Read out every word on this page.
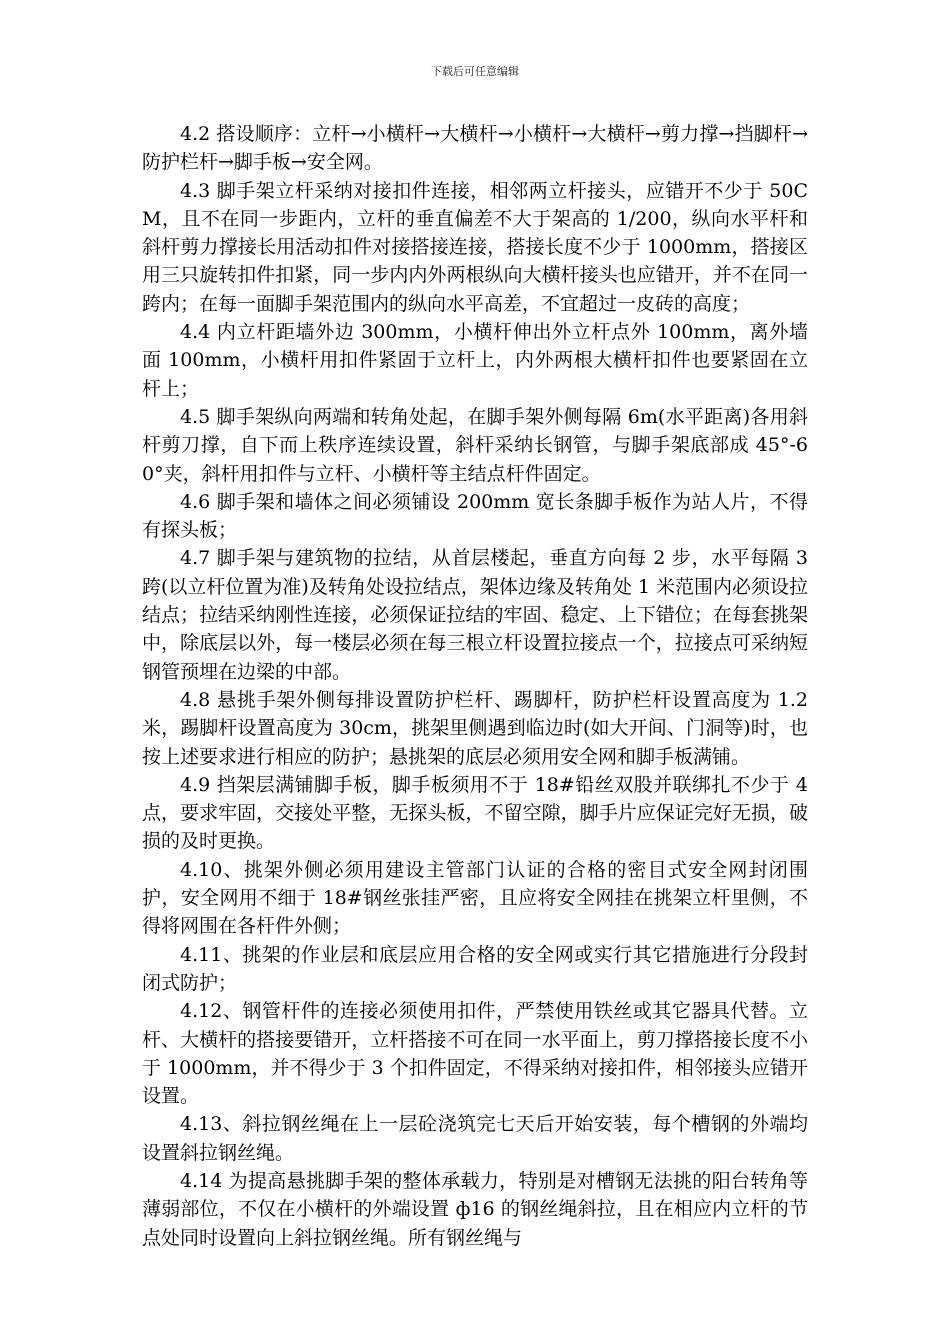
下载后可任意编辑

4.2 搭设顺序：立杆→小横杆→大横杆→小横杆→大横杆→剪力撑→挡脚杆→防护栏杆→脚手板→安全网。

4.3 脚手架立杆采纳对接扣件连接，相邻两立杆接头，应错开不少于 50CM，且不在同一步距内，立杆的垂直偏差不大于架高的 1/200，纵向水平杆和斜杆剪力撑接长用活动扣件对接搭接连接，搭接长度不少于 1000mm，搭接区用三只旋转扣件扣紧，同一步内内外两根纵向大横杆接头也应错开，并不在同一跨内；在每一面脚手架范围内的纵向水平高差，不宜超过一皮砖的高度；

4.4 内立杆距墙外边 300mm，小横杆伸出外立杆点外 100mm，离外墙面 100mm，小横杆用扣件紧固于立杆上，内外两根大横杆扣件也要紧固在立杆上；

4.5 脚手架纵向两端和转角处起，在脚手架外侧每隔 6m(水平距离)各用斜杆剪刀撑，自下而上秩序连续设置，斜杆采纳长钢管，与脚手架底部成 45°-60°夹，斜杆用扣件与立杆、小横杆等主结点杆件固定。

4.6 脚手架和墙体之间必须铺设 200mm 宽长条脚手板作为站人片，不得有探头板；

4.7 脚手架与建筑物的拉结，从首层楼起，垂直方向每 2 步，水平每隔 3 跨(以立杆位置为准)及转角处设拉结点，架体边缘及转角处 1 米范围内必须设拉结点；拉结采纳刚性连接，必须保证拉结的牢固、稳定、上下错位；在每套挑架中，除底层以外，每一楼层必须在每三根立杆设置拉接点一个，拉接点可采纳短钢管预埋在边梁的中部。

4.8 悬挑手架外侧每排设置防护栏杆、踢脚杆，防护栏杆设置高度为 1.2 米，踢脚杆设置高度为 30cm，挑架里侧遇到临边时(如大开间、门洞等)时，也按上述要求进行相应的防护；悬挑架的底层必须用安全网和脚手板满铺。

4.9 挡架层满铺脚手板，脚手板须用不于 18#铅丝双股并联绑扎不少于 4 点，要求牢固，交接处平整，无探头板，不留空隙，脚手片应保证完好无损，破损的及时更换。

4.10、挑架外侧必须用建设主管部门认证的合格的密目式安全网封闭围护，安全网用不细于 18#钢丝张挂严密，且应将安全网挂在挑架立杆里侧，不得将网围在各杆件外侧；

4.11、挑架的作业层和底层应用合格的安全网或实行其它措施进行分段封闭式防护；

4.12、钢管杆件的连接必须使用扣件，严禁使用铁丝或其它器具代替。立杆、大横杆的搭接要错开，立杆搭接不可在同一水平面上，剪刀撑搭接长度不小于 1000mm，并不得少于 3 个扣件固定，不得采纳对接扣件，相邻接头应错开设置。

4.13、斜拉钢丝绳在上一层砼浇筑完七天后开始安装，每个槽钢的外端均设置斜拉钢丝绳。

4.14 为提高悬挑脚手架的整体承载力，特别是对槽钢无法挑的阳台转角等薄弱部位，不仅在小横杆的外端设置 ф16 的钢丝绳斜拉，且在相应内立杆的节点处同时设置向上斜拉钢丝绳。所有钢丝绳与
